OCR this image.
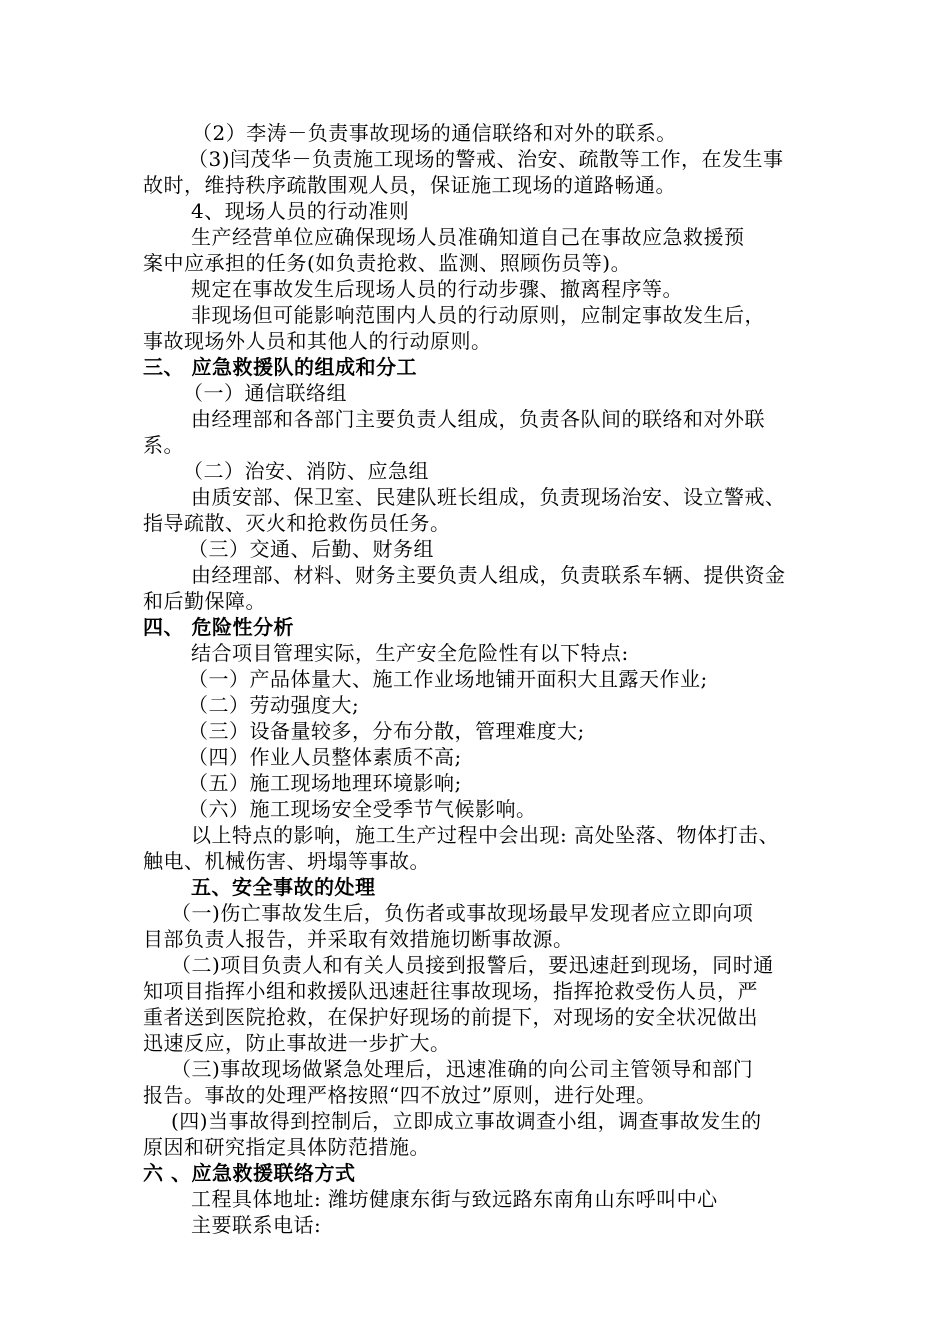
（2）李涛－负责事故现场的通信联络和对外的联系。
（3)闫茂华－负责施工现场的警戒、治安、疏散等工作，在发生事
故时，维持秩序疏散围观人员，保证施工现场的道路畅通。
4、现场人员的行动准则
生产经营单位应确保现场人员准确知道自己在事故应急救援预
案中应承担的任务(如负责抢救、监测、照顾伤员等)。
规定在事故发生后现场人员的行动步骤、撤离程序等。
非现场但可能影响范围内人员的行动原则，应制定事故发生后，
事故现场外人员和其他人的行动原则。
三、 应急救援队的组成和分工
（一）通信联络组
由经理部和各部门主要负责人组成，负责各队间的联络和对外联
系。
（二）治安、消防、应急组
由质安部、保卫室、民建队班长组成，负责现场治安、设立警戒、
指导疏散、灭火和抢救伤员任务。
（三）交通、后勤、财务组
由经理部、材料、财务主要负责人组成，负责联系车辆、提供资金
和后勤保障。
四、 危险性分析
结合项目管理实际，生产安全危险性有以下特点:
（一）产品体量大、施工作业场地铺开面积大且露天作业;
（二）劳动强度大;
（三）设备量较多，分布分散，管理难度大;
（四）作业人员整体素质不高;
（五）施工现场地理环境影响;
（六）施工现场安全受季节气候影响。
以上特点的影响，施工生产过程中会出现: 高处坠落、物体打击、
触电、机械伤害、坍塌等事故。
五、安全事故的处理
（一)伤亡事故发生后，负伤者或事故现场最早发现者应立即向项
目部负责人报告，并采取有效措施切断事故源。
（二)项目负责人和有关人员接到报警后，要迅速赶到现场，同时通
知项目指挥小组和救援队迅速赶往事故现场，指挥抢救受伤人员，严
重者送到医院抢救，在保护好现场的前提下，对现场的安全状况做出
迅速反应，防止事故进一步扩大。
（三)事故现场做紧急处理后，迅速准确的向公司主管领导和部门
报告。事故的处理严格按照“四不放过”原则，进行处理。
(四)当事故得到控制后，立即成立事故调查小组，调查事故发生的
原因和研究指定具体防范措施。
六 、应急救援联络方式
工程具体地址: 潍坊健康东街与致远路东南角山东呼叫中心
主要联系电话:
